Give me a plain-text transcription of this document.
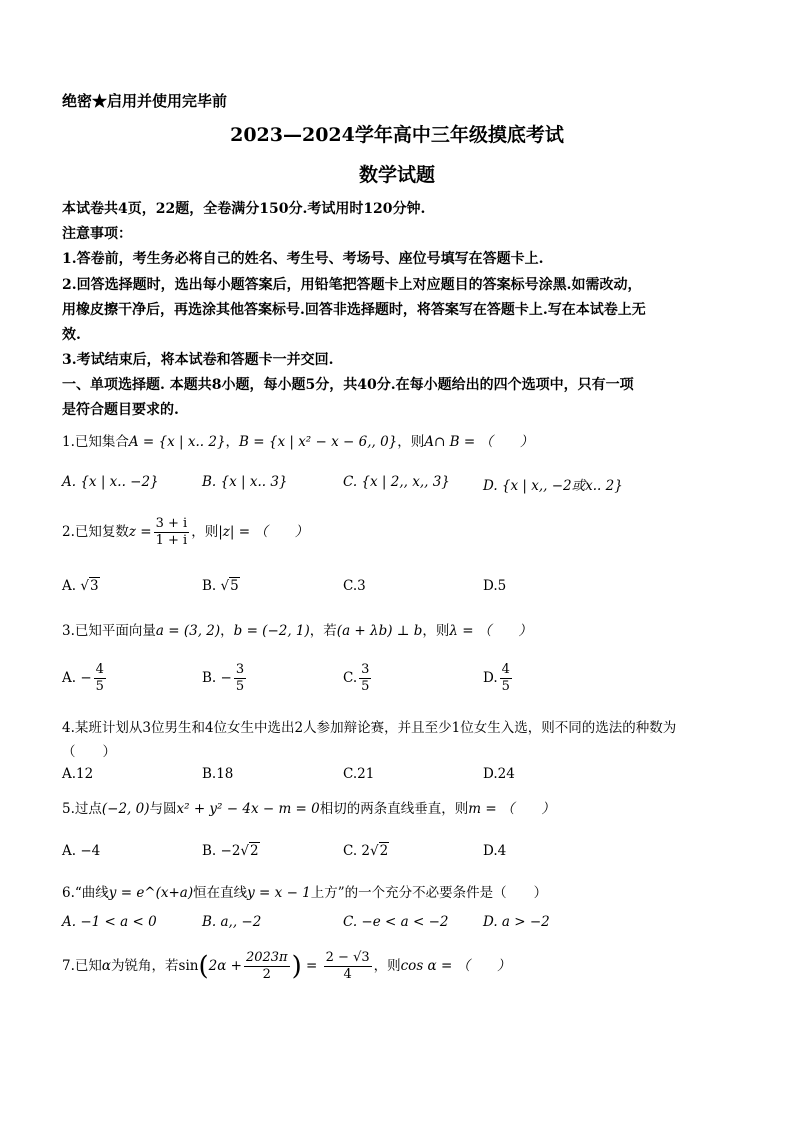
绝密★启用并使用完毕前
2023—2024学年高中三年级摸底考试
数学试题
本试卷共4页，22题，全卷满分150分.考试用时120分钟.
注意事项：
1.答卷前，考生务必将自己的姓名、考生号、考场号、座位号填写在答题卡上.
2.回答选择题时，选出每小题答案后，用铅笔把答题卡上对应题目的答案标号涂黑.如需改动，
用橡皮擦干净后，再选涂其他答案标号.回答非选择题时，将答案写在答题卡上.写在本试卷上无
效.
3.考试结束后，将本试卷和答题卡一并交回.
一、单项选择题. 本题共8小题，每小题5分，共40分.在每小题给出的四个选项中，只有一项
是符合题目要求的.
1.已知集合A = {x | x.. 2}，B = {x | x² − x − 6,, 0}，则A∩ B = （　　）
A. {x | x.. −2}	B. {x | x.. 3}	C. {x | 2,, x,, 3} D. {x | x,, −2或x.. 2}
2.已知复数$z = \frac{3 + i}{1 + i}$ ，则|z| = （　　）
A. √3	B. √5	C.3	D.5
3.已知平面向量a = (3, 2)，b = (−2, 1)，若(a + λb) ⊥ b，则λ = （　　）
A. − $\frac{4}{5}$	B. − $\frac{3}{5}$	C. $\frac{3}{5}$	D. $\frac{4}{5}$
4.某班计划从3位男生和4位女生中选出2人参加辩论赛，并且至少1位女生入选，则不同的选法的种数为
（　　）
A.12	B.18	C.21	D.24
5.过点(−2, 0)与圆x² + y² − 4x − m = 0相切的两条直线垂直，则m = （　　）
A. −4	B. −2√2	C. 2√2	D.4
6.“曲线y = e^(x+a)恒在直线y = x − 1上方”的一个充分不必要条件是（　　）
A. −1 < a < 0	B. a,, −2	C. −e < a < −2	D. a > −2
7.已知α为锐角，若$\sin(2\alpha + \frac{2023\pi}{2}$ ) = $\frac{2 - √3}{4}$ ，则cos α = （　　）
